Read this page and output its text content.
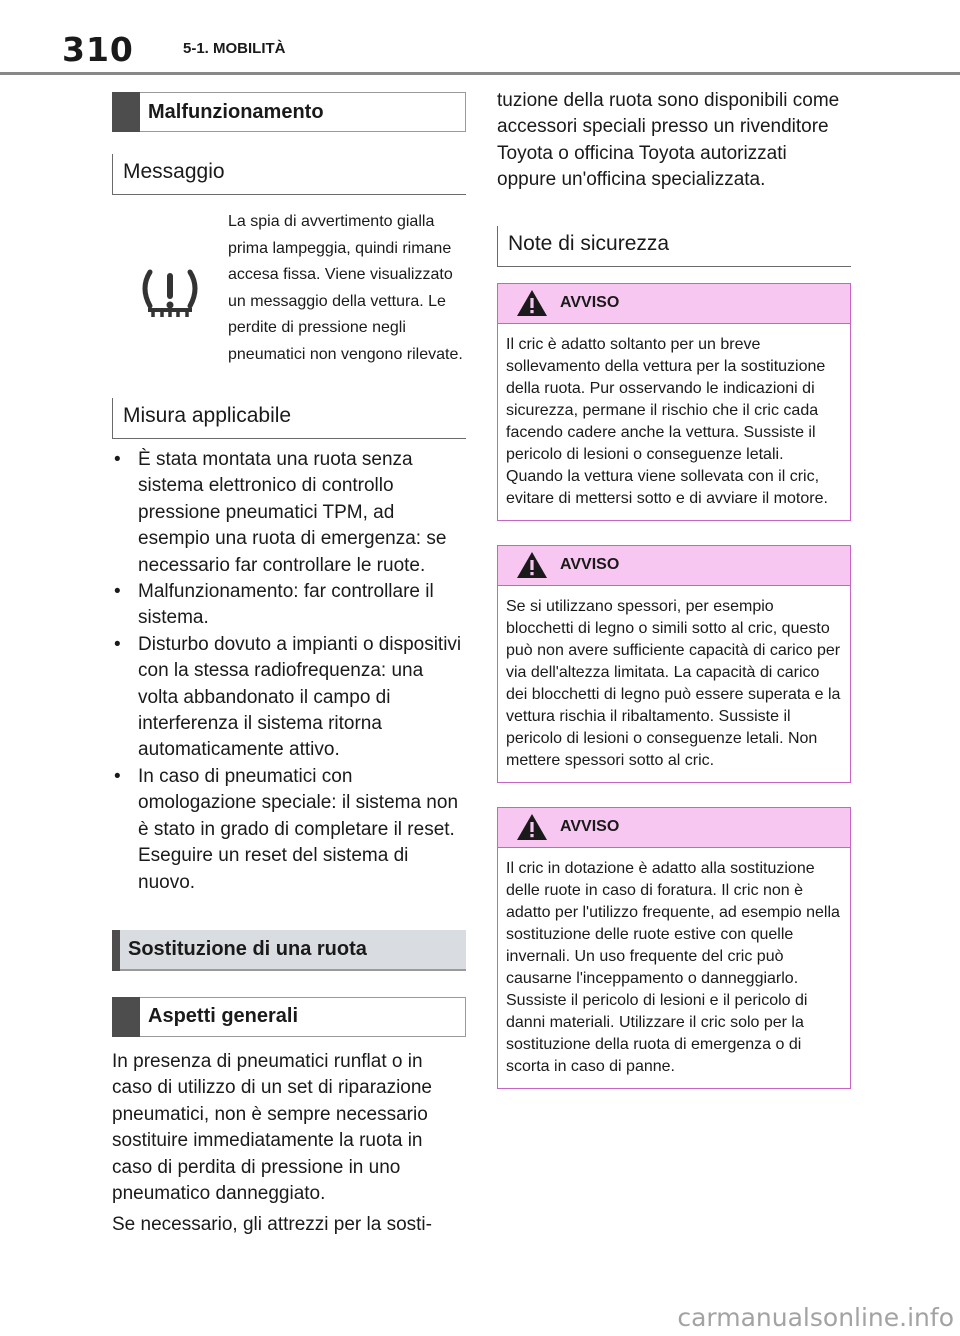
310	5-1. MOBILITÀ
Malfunzionamento
Messaggio
La spia di avvertimento gialla prima lampeggia, quindi rimane accesa fissa. Viene visualizzato un messaggio della vettura. Le perdite di pressione negli pneumatici non vengono rilevate.
Misura applicabile
• È stata montata una ruota senza sistema elettronico di controllo pressione pneumatici TPM, ad esempio una ruota di emergenza: se necessario far controllare le ruote.
• Malfunzionamento: far controllare il sistema.
• Disturbo dovuto a impianti o dispositivi con la stessa radiofrequenza: una volta abbandonato il campo di interferenza il sistema ritorna automaticamente attivo.
• In caso di pneumatici con omologazione speciale: il sistema non è stato in grado di completare il reset. Eseguire un reset del sistema di nuovo.
Sostituzione di una ruota
Aspetti generali

In presenza di pneumatici runflat o in caso di utilizzo di un set di riparazione pneumatici, non è sempre necessario sostituire immediatamente la ruota in caso di perdita di pressione in uno pneumatico danneggiato.

Se necessario, gli attrezzi per la sosti-

tuzione della ruota sono disponibili come accessori speciali presso un rivenditore Toyota o officina Toyota autorizzati oppure un'officina specializzata.

Note di sicurezza
AVVISO
Il cric è adatto soltanto per un breve sollevamento della vettura per la sostituzione della ruota. Pur osservando le indicazioni di sicurezza, permane il rischio che il cric cada facendo cadere anche la vettura. Sussiste il pericolo di lesioni o conseguenze letali. Quando la vettura viene sollevata con il cric, evitare di mettersi sotto e di avviare il motore.
AVVISO
Se si utilizzano spessori, per esempio blocchetti di legno o simili sotto al cric, questo può non avere sufficiente capacità di carico per via dell'altezza limitata. La capacità di carico dei blocchetti di legno può essere superata e la vettura rischia il ribaltamento. Sussiste il pericolo di lesioni o conseguenze letali. Non mettere spessori sotto al cric.
AVVISO
Il cric in dotazione è adatto alla sostituzione delle ruote in caso di foratura. Il cric non è adatto per l'utilizzo frequente, ad esempio nella sostituzione delle ruote estive con quelle invernali. Un uso frequente del cric può causarne l'inceppamento o danneggiarlo. Sussiste il pericolo di lesioni e il pericolo di danni materiali. Utilizzare il cric solo per la sostituzione della ruota di emergenza o di scorta in caso di panne.
carmanualsonline.info
